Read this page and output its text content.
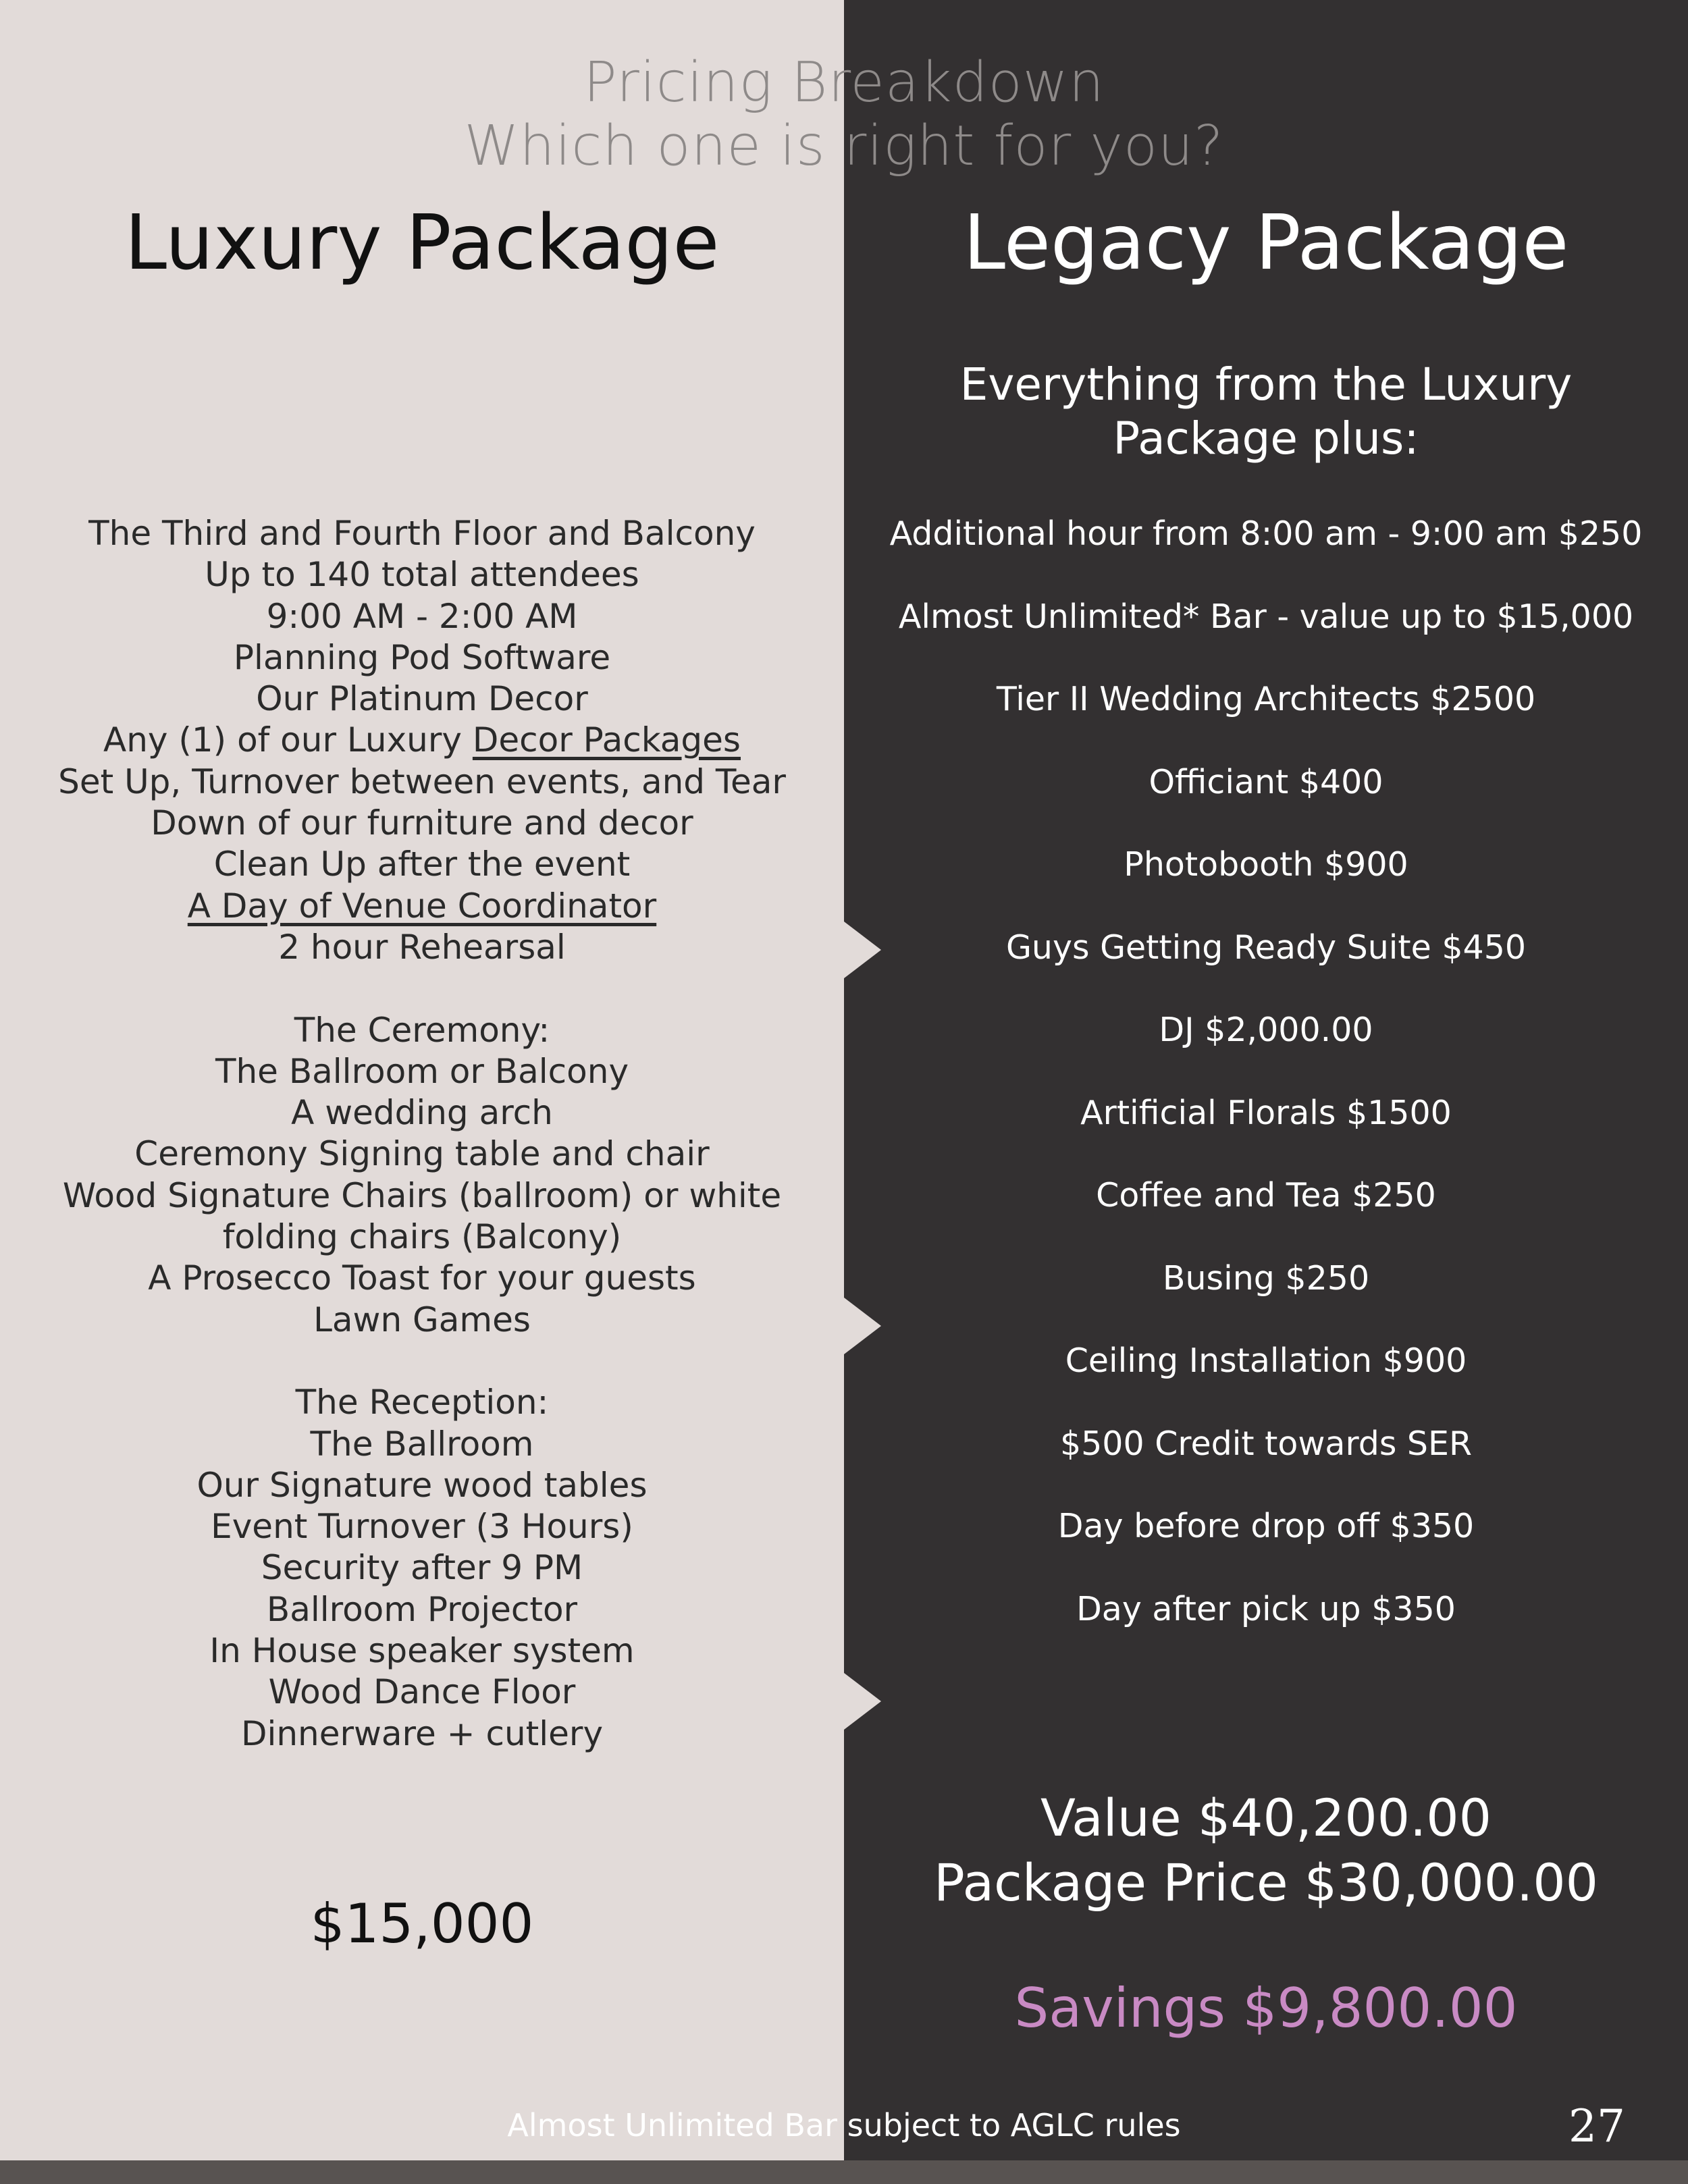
Pricing Breakdown
Which one is right for you?
Luxury Package	Legacy Package
Everything from the Luxury
Package plus:
The Third and Fourth Floor and Balcony
Up to 140 total attendees
9:00 AM - 2:00 AM
Planning Pod Software
Our Platinum Decor
Any (1) of our Luxury Decor Packages
Set Up, Turnover between events, and Tear
Down of our furniture and decor
Clean Up after the event
A Day of Venue Coordinator
2 hour Rehearsal
The Ceremony:
The Ballroom or Balcony
A wedding arch
Ceremony Signing table and chair
Wood Signature Chairs (ballroom) or white
folding chairs (Balcony)
A Prosecco Toast for your guests
Lawn Games
The Reception:
The Ballroom
Our Signature wood tables
Event Turnover (3 Hours)
Security after 9 PM
Ballroom Projector
In House speaker system
Wood Dance Floor
Dinnerware + cutlery
Additional hour from 8:00 am - 9:00 am $250
Almost Unlimited* Bar - value up to $15,000
Tier II Wedding Architects $2500
Officiant $400
Photobooth $900
Guys Getting Ready Suite $450
DJ $2,000.00
Artificial Florals $1500
Coffee and Tea $250
Busing $250
Ceiling Installation $900
$500 Credit towards SER
Day before drop off $350
Day after pick up $350
$15,000
Value $40,200.00
Package Price $30,000.00
Savings $9,800.00
Almost Unlimited Bar subject to AGLC rules	27
